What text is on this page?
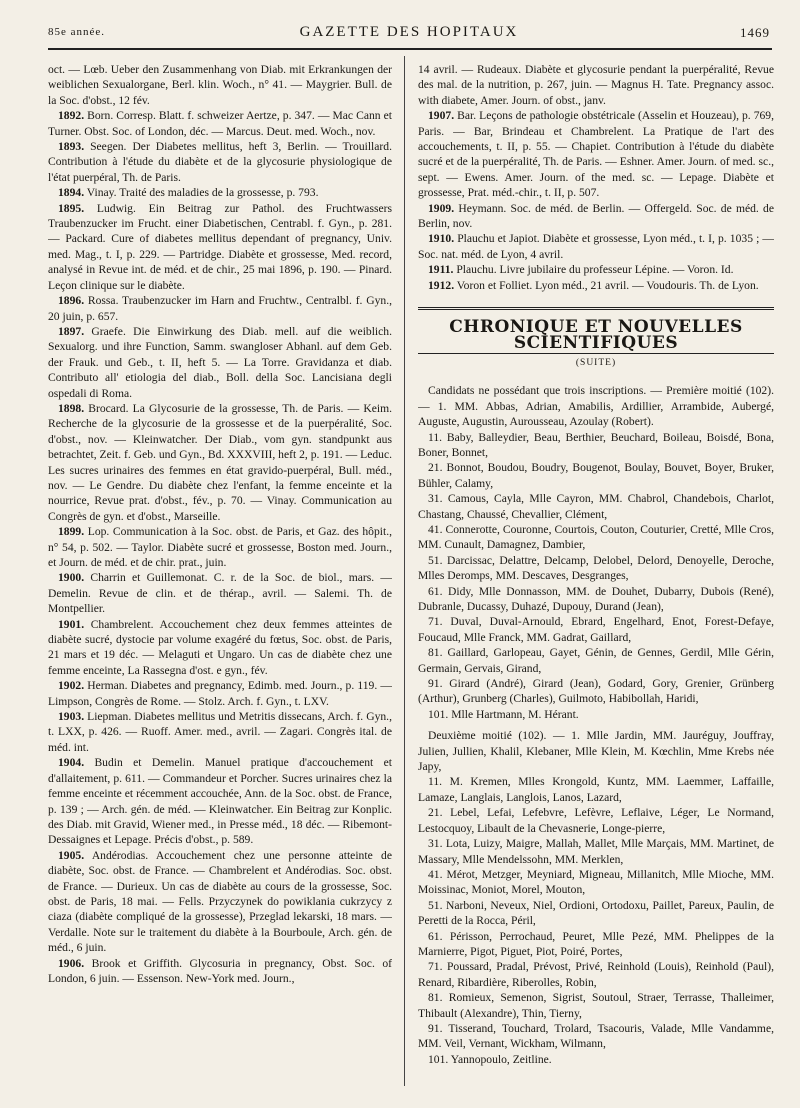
85e année.	GAZETTE DES HOPITAUX	1469

oct. — Lœb. Ueber den Zusammenhang von Diab. mit Erkrankungen der weiblichen Sexualorgane, Berl. klin. Woch., n° 41. — Maygrier. Bull. de la Soc. d'obst., 12 fév.

1892. Born. Corresp. Blatt. f. schweizer Aertze, p. 347. — Mac Cann et Turner. Obst. Soc. of London, déc. — Marcus. Deut. med. Woch., nov.

1893. Seegen. Der Diabetes mellitus, heft 3, Berlin. — Trouillard. Contribution à l'étude du diabète et de la glycosurie physiologique de l'état puerpéral, Th. de Paris.

1894. Vinay. Traité des maladies de la grossesse, p. 793.

1895. Ludwig. Ein Beitrag zur Pathol. des Fruchtwassers Traubenzucker im Frucht. einer Diabetischen, Centrabl. f. Gyn., p. 281. — Packard. Cure of diabetes mellitus dependant of pregnancy, Univ. med. Mag., t. I, p. 229. — Partridge. Diabète et grossesse, Med. record, analysé in Revue int. de méd. et de chir., 25 mai 1896, p. 190. — Pinard. Leçon clinique sur le diabète.

1896. Rossa. Traubenzucker im Harn and Fruchtw., Centralbl. f. Gyn., 20 juin, p. 657.

1897. Graefe. Die Einwirkung des Diab. mell. auf die weiblich. Sexualorg. und ihre Function, Samm. swangloser Abhanl. auf dem Geb. der Frauk. und Geb., t. II, heft 5. — La Torre. Gravidanza et diab. Contributo all' etiologia del diab., Boll. della Soc. Lancisiana degli ospedali di Roma.

1898. Brocard. La Glycosurie de la grossesse, Th. de Paris. — Keim. Recherche de la glycosurie de la grossesse et de la puerpéralité, Soc. d'obst., nov. — Kleinwatcher. Der Diab., vom gyn. standpunkt aus betrachtet, Zeit. f. Geb. und Gyn., Bd. XXXVIII, heft 2, p. 191. — Leduc. Les sucres urinaires des femmes en état gravido-puerpéral, Bull. méd., nov. — Le Gendre. Du diabète chez l'enfant, la femme enceinte et la nourrice, Revue prat. d'obst., fév., p. 70. — Vinay. Communication au Congrès de gyn. et d'obst., Marseille.

1899. Lop. Communication à la Soc. obst. de Paris, et Gaz. des hôpit., n° 54, p. 502. — Taylor. Diabète sucré et grossesse, Boston med. Journ., et Journ. de méd. et de chir. prat., juin.

1900. Charrin et Guillemonat. C. r. de la Soc. de biol., mars. — Demelin. Revue de clin. et de thérap., avril. — Salemi. Th. de Montpellier.

1901. Chambrelent. Accouchement chez deux femmes atteintes de diabète sucré, dystocie par volume exagéré du fœtus, Soc. obst. de Paris, 21 mars et 19 déc. — Melaguti et Ungaro. Un cas de diabète chez une femme enceinte, La Rassegna d'ost. e gyn., fév.

1902. Herman. Diabetes and pregnancy, Edimb. med. Journ., p. 119. — Limpson, Congrès de Rome. — Stolz. Arch. f. Gyn., t. LXV.

1903. Liepman. Diabetes mellitus und Metritis dissecans, Arch. f. Gyn., t. LXX, p. 426. — Ruoff. Amer. med., avril. — Zagari. Congrès ital. de méd. int.

1904. Budin et Demelin. Manuel pratique d'accouchement et d'allaitement, p. 611. — Commandeur et Porcher. Sucres urinaires chez la femme enceinte et récemment accouchée, Ann. de la Soc. obst. de France, p. 139 ; — Arch. gén. de méd. — Kleinwatcher. Ein Beitrag zur Konplic. des Diab. mit Gravid, Wiener med., in Presse méd., 18 déc. — Ribemont-Dessaignes et Lepage. Précis d'obst., p. 589.

1905. Andérodias. Accouchement chez une personne atteinte de diabète, Soc. obst. de France. — Chambrelent et Andérodias. Soc. obst. de France. — Durieux. Un cas de diabète au cours de la grossesse, Soc. obst. de Paris, 18 mai. — Fells. Przyczynek do powiklania cukrzycy z ciaza (diabète compliqué de la grossesse), Przeglad lekarski, 18 mars. — Verdalle. Note sur le traitement du diabète à la Bourboule, Arch. gén. de méd., 6 juin.

1906. Brook et Griffith. Glycosuria in pregnancy, Obst. Soc. of London, 6 juin. — Essenson. New-York med. Journ.,

14 avril. — Rudeaux. Diabète et glycosurie pendant la puerpéralité, Revue des mal. de la nutrition, p. 267, juin. — Magnus H. Tate. Pregnancy assoc. with diabete, Amer. Journ. of obst., janv.

1907. Bar. Leçons de pathologie obstétricale (Asselin et Houzeau), p. 769, Paris. — Bar, Brindeau et Chambrelent. La Pratique de l'art des accouchements, t. II, p. 55. — Chapiet. Contribution à l'étude du diabète sucré et de la puerpéralité, Th. de Paris. — Eshner. Amer. Journ. of med. sc., sept. — Ewens. Amer. Journ. of the med. sc. — Lepage. Diabète et grossesse, Prat. méd.-chir., t. II, p. 507.

1909. Heymann. Soc. de méd. de Berlin. — Offergeld. Soc. de méd. de Berlin, nov.

1910. Plauchu et Japiot. Diabète et grossesse, Lyon méd., t. I, p. 1035 ; — Soc. nat. méd. de Lyon, 4 avril.

1911. Plauchu. Livre jubilaire du professeur Lépine. — Voron. Id.

1912. Voron et Folliet. Lyon méd., 21 avril. — Voudouris. Th. de Lyon.

CHRONIQUE ET NOUVELLES SCIENTIFIQUES
(SUITE)

Candidats ne possédant que trois inscriptions. — Première moitié (102). — 1. MM. Abbas, Adrian, Amabilis, Ardillier, Arrambide, Aubergé, Auguste, Augustin, Aurousseau, Azoulay (Robert).

11. Baby, Balleydier, Beau, Berthier, Beuchard, Boileau, Boisdé, Bona, Boner, Bonnet,

21. Bonnot, Boudou, Boudry, Bougenot, Boulay, Bouvet, Boyer, Bruker, Bühler, Calamy,

31. Camous, Cayla, Mlle Cayron, MM. Chabrol, Chandebois, Charlot, Chastang, Chaussé, Chevallier, Clément,

41. Connerotte, Couronne, Courtois, Couton, Couturier, Cretté, Mlle Cros, MM. Cunault, Damagnez, Dambier,

51. Darcissac, Delattre, Delcamp, Delobel, Delord, Denoyelle, Deroche, Mlles Deromps, MM. Descaves, Desgranges,

61. Didy, Mlle Donnasson, MM. de Douhet, Dubarry, Dubois (René), Dubranle, Ducassy, Duhazé, Dupouy, Durand (Jean),

71. Duval, Duval-Arnould, Ebrard, Engelhard, Enot, Forest-Defaye, Foucaud, Mlle Franck, MM. Gadrat, Gaillard,

81. Gaillard, Garlopeau, Gayet, Génin, de Gennes, Gerdil, Mlle Gérin, Germain, Gervais, Girand,

91. Girard (André), Girard (Jean), Godard, Gory, Grenier, Grünberg (Arthur), Grunberg (Charles), Guilmoto, Habibollah, Haridi,

101. Mlle Hartmann, M. Hérant.

Deuxième moitié (102). — 1. Mlle Jardin, MM. Jauréguy, Jouffray, Julien, Jullien, Khalil, Klebaner, Mlle Klein, M. Kœchlin, Mme Krebs née Japy,

11. M. Kremen, Mlles Krongold, Kuntz, MM. Laemmer, Laffaille, Lamaze, Langlais, Langlois, Lanos, Lazard,

21. Lebel, Lefai, Lefebvre, Lefèvre, Leflaive, Léger, Le Normand, Lestocquoy, Libault de la Chevasnerie, Longe-pierre,

31. Lota, Luizy, Maigre, Mallah, Mallet, Mlle Marçais, MM. Martinet, de Massary, Mlle Mendelssohn, MM. Merklen,

41. Mérot, Metzger, Meyniard, Migneau, Millanitch, Mlle Mioche, MM. Moissinac, Moniot, Morel, Mouton,

51. Narboni, Neveux, Niel, Ordioni, Ortodoxu, Paillet, Pareux, Paulin, de Peretti de la Rocca, Péril,

61. Périsson, Perrochaud, Peuret, Mlle Pezé, MM. Phelippes de la Marnierre, Pigot, Piguet, Piot, Poiré, Portes,

71. Poussard, Pradal, Prévost, Privé, Reinhold (Louis), Reinhold (Paul), Renard, Ribardière, Riberolles, Robin,

81. Romieux, Semenon, Sigrist, Soutoul, Straer, Terrasse, Thalleimer, Thibault (Alexandre), Thin, Tierny,

91. Tisserand, Touchard, Trolard, Tsacouris, Valade, Mlle Vandamme, MM. Veil, Vernant, Wickham, Wilmann,

101. Yannopoulo, Zeitline.
